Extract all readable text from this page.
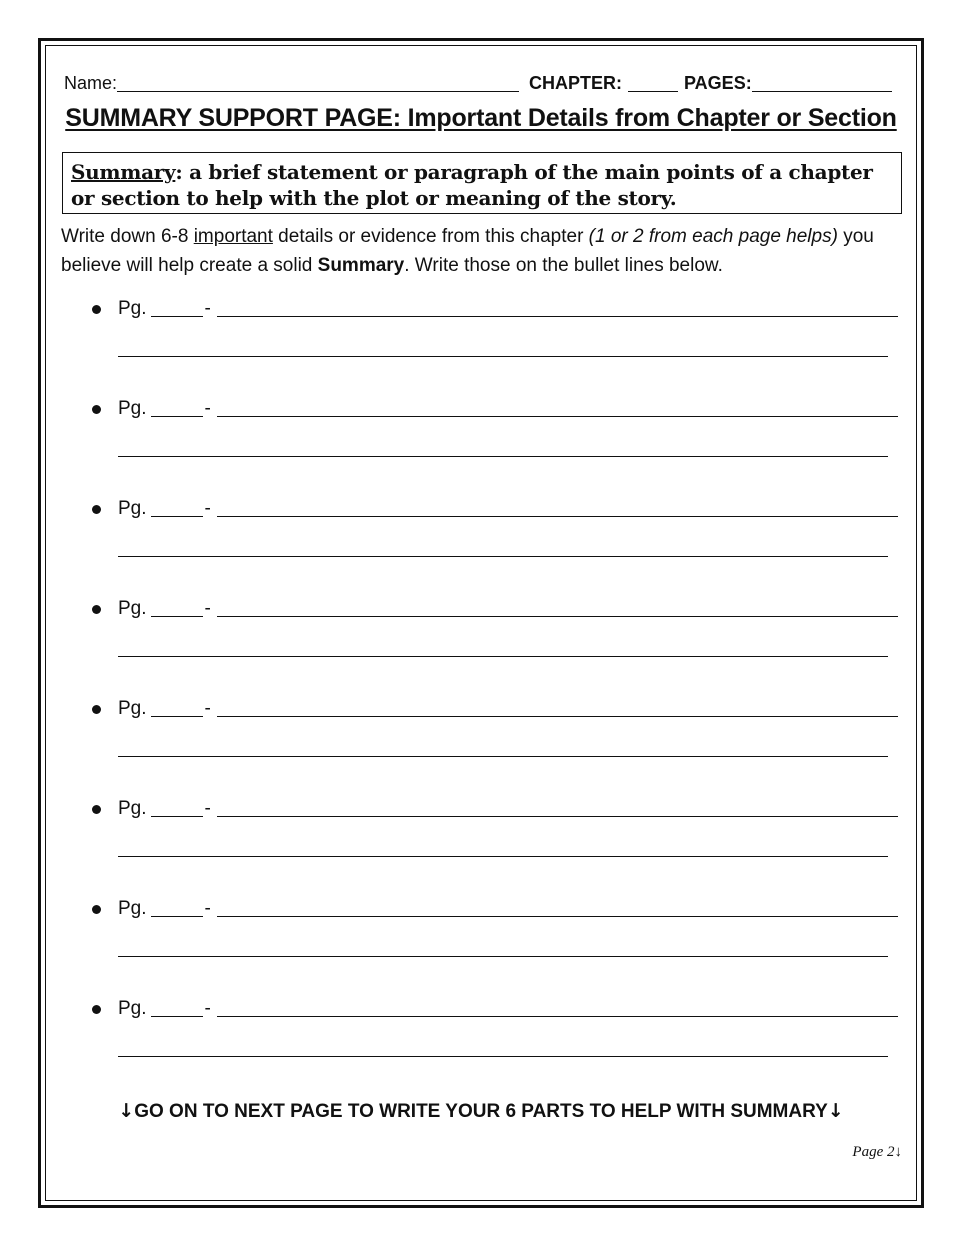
Name:	CHAPTER:	PAGES:
SUMMARY SUPPORT PAGE: Important Details from Chapter or Section
Summary: a brief statement or paragraph of the main points of a chapter or section to help with the plot or meaning of the story.
Write down 6-8 important details or evidence from this chapter (1 or 2 from each page helps) you believe will help create a solid Summary. Write those on the bullet lines below.
Pg.	-
Pg.	-
Pg.	-
Pg.	-
Pg.	-
Pg.	-
Pg.	-
Pg.	-
↓GO ON TO NEXT PAGE TO WRITE YOUR 6 PARTS TO HELP WITH SUMMARY↓
Page 2↓
